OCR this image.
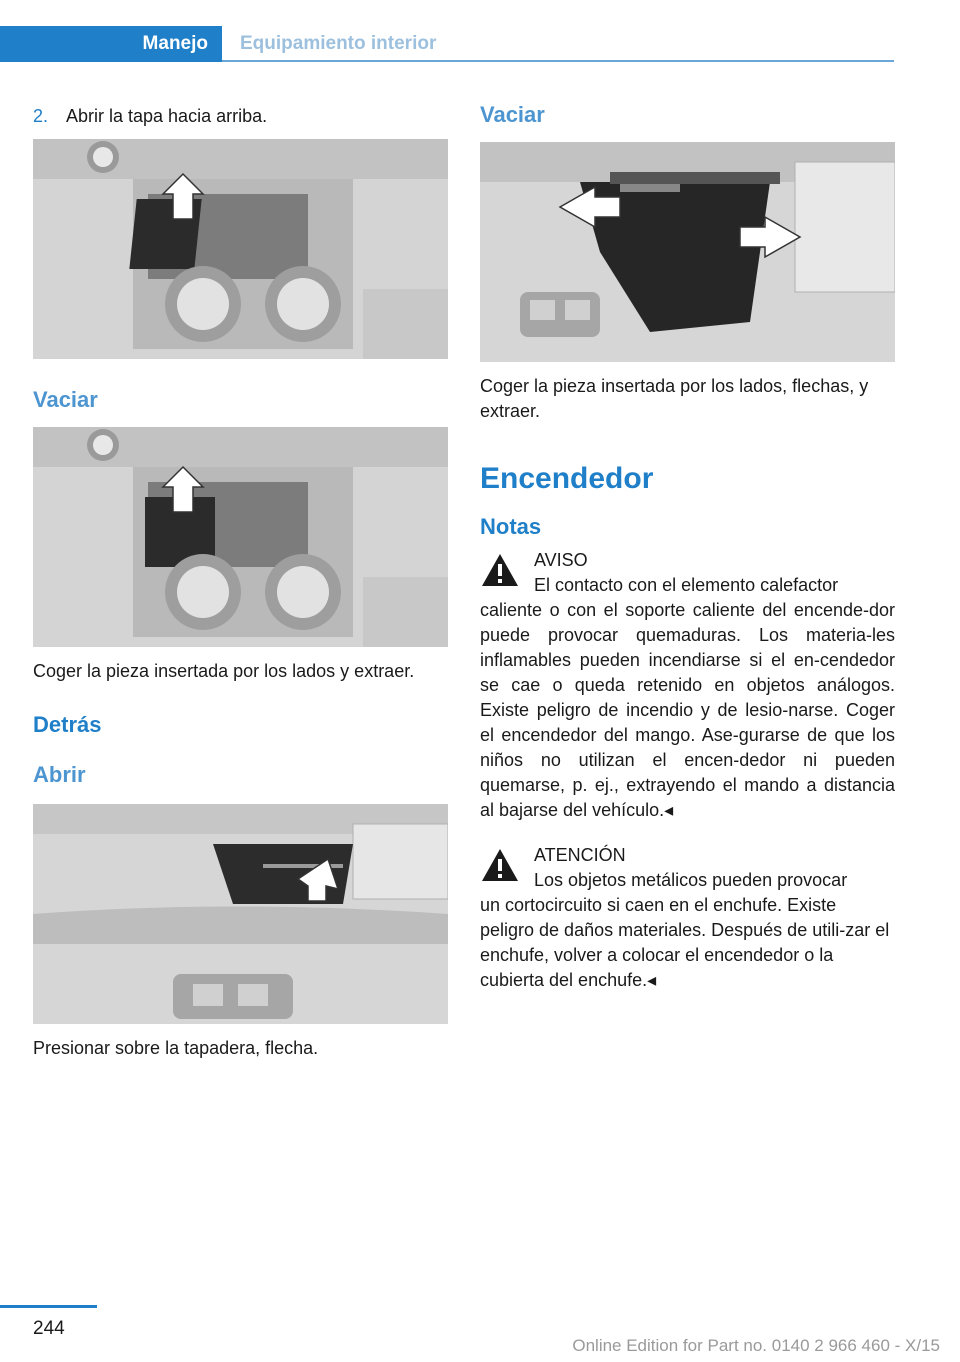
Manejo	Equipamiento interior
2. Abrir la tapa hacia arriba.

Vaciar

Coger la pieza insertada por los lados y extraer.

Detrás

Abrir

Presionar sobre la tapadera, flecha.

Vaciar

Coger la pieza insertada por los lados, flechas, y extraer.

Encendedor

Notas

AVISO
El contacto con el elemento calefactor

caliente o con el soporte caliente del encende-dor puede provocar quemaduras. Los materia-les inflamables pueden incendiarse si el en-cendedor se cae o queda retenido en objetos análogos. Existe peligro de incendio y de lesio-narse. Coger el encendedor del mango. Ase-gurarse de que los niños no utilizan el encen-dedor ni pueden quemarse, p. ej., extrayendo el mando a distancia al bajarse del vehículo.◂

ATENCIÓN
Los objetos metálicos pueden provocar

un cortocircuito si caen en el enchufe. Existe peligro de daños materiales. Después de utili-zar el enchufe, volver a colocar el encendedor o la cubierta del enchufe.◂

244
Online Edition for Part no. 0140 2 966 460 - X/15
